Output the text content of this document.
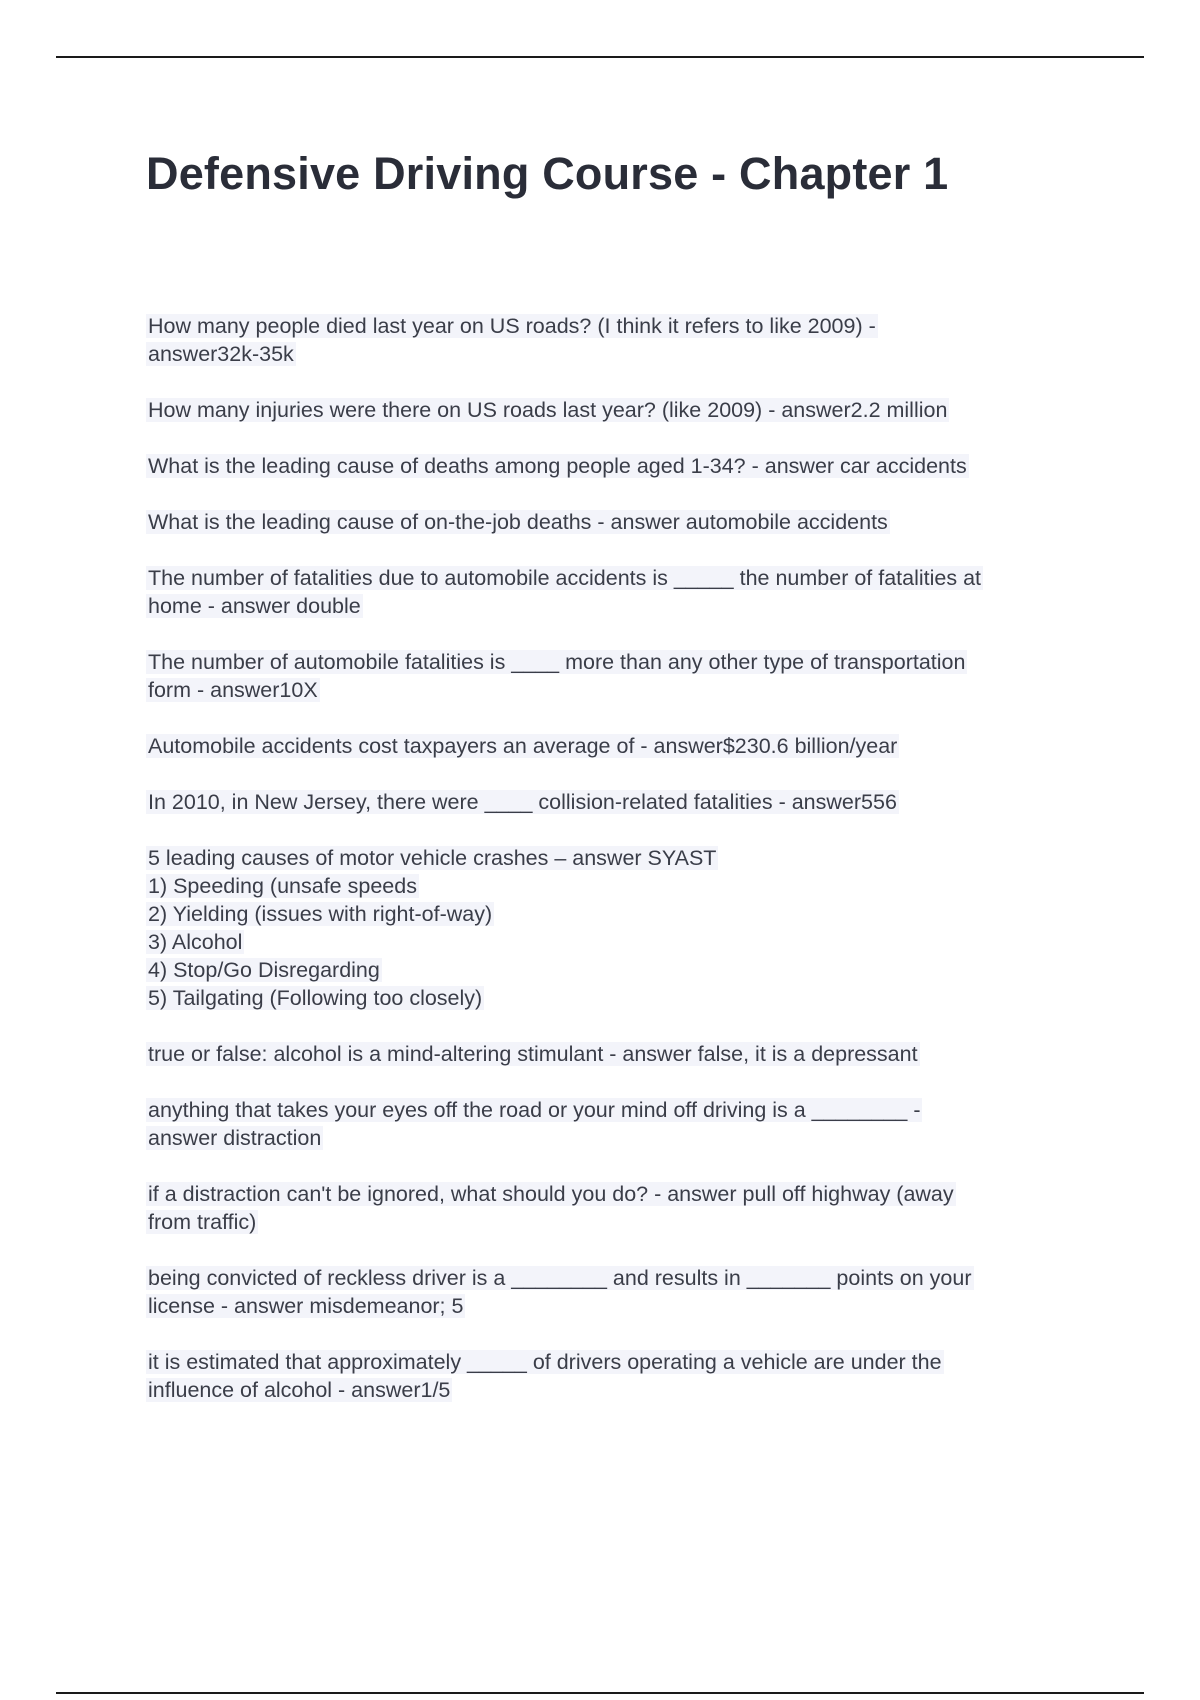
Defensive Driving Course - Chapter 1
How many people died last year on US roads? (I think it refers to like 2009) -
answer32k-35k
How many injuries were there on US roads last year? (like 2009) - answer2.2 million
What is the leading cause of deaths among people aged 1-34? - answer car accidents
What is the leading cause of on-the-job deaths - answer automobile accidents
The number of fatalities due to automobile accidents is _____ the number of fatalities at
home - answer double
The number of automobile fatalities is ____ more than any other type of transportation
form - answer10X
Automobile accidents cost taxpayers an average of - answer$230.6 billion/year
In 2010, in New Jersey, there were ____ collision-related fatalities - answer556
5 leading causes of motor vehicle crashes – answer SYAST
1) Speeding (unsafe speeds
2) Yielding (issues with right-of-way)
3) Alcohol
4) Stop/Go Disregarding
5) Tailgating (Following too closely)
true or false: alcohol is a mind-altering stimulant - answer false, it is a depressant
anything that takes your eyes off the road or your mind off driving is a ________ -
answer distraction
if a distraction can't be ignored, what should you do? - answer pull off highway (away
from traffic)
being convicted of reckless driver is a ________ and results in _______ points on your
license - answer misdemeanor; 5
it is estimated that approximately _____ of drivers operating a vehicle are under the
influence of alcohol - answer1/5
